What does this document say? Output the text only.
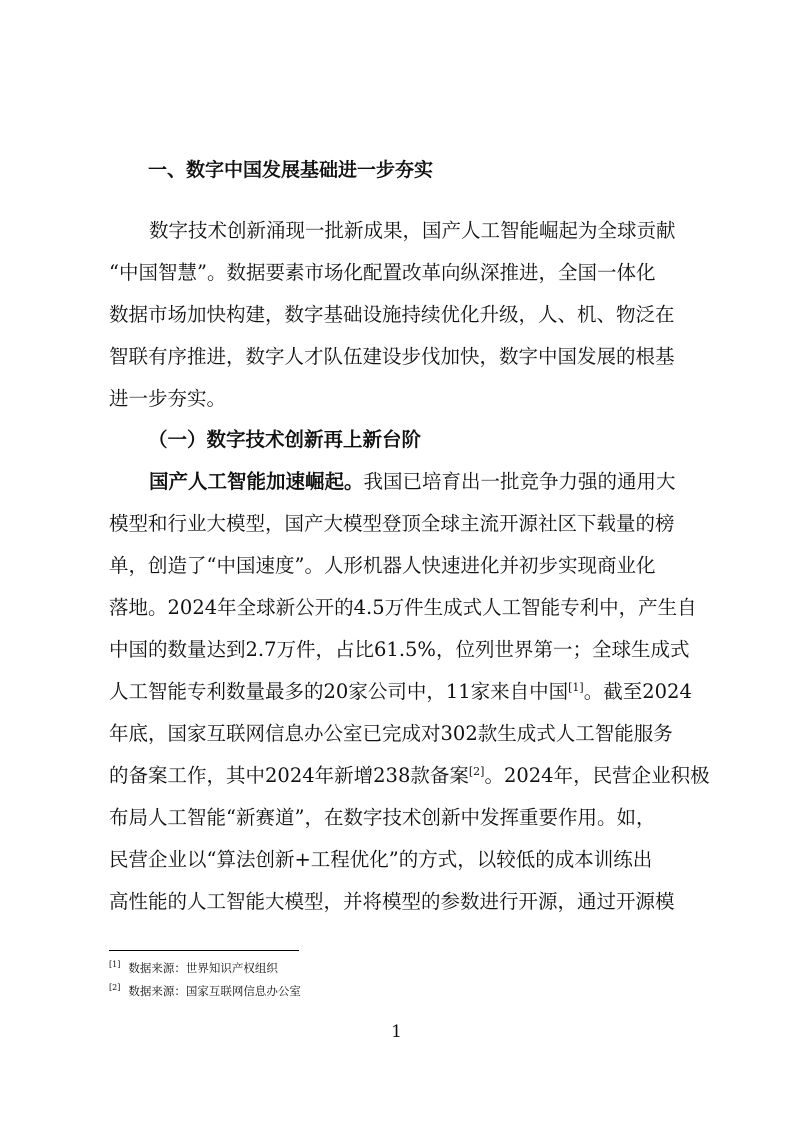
一、数字中国发展基础进一步夯实
数字技术创新涌现一批新成果，国产人工智能崛起为全球贡献
“中国智慧”。数据要素市场化配置改革向纵深推进，全国一体化
数据市场加快构建，数字基础设施持续优化升级，人、机、物泛在
智联有序推进，数字人才队伍建设步伐加快，数字中国发展的根基
进一步夯实。
（一）数字技术创新再上新台阶
国产人工智能加速崛起。我国已培育出一批竞争力强的通用大
模型和行业大模型，国产大模型登顶全球主流开源社区下载量的榜
单，创造了“中国速度”。人形机器人快速进化并初步实现商业化
落地。2024年全球新公开的4.5万件生成式人工智能专利中，产生自
中国的数量达到2.7万件，占比61.5%，位列世界第一；全球生成式
人工智能专利数量最多的20家公司中，11家来自中国[1]。截至2024
年底，国家互联网信息办公室已完成对302款生成式人工智能服务
的备案工作，其中2024年新增238款备案[2]。2024年，民营企业积极
布局人工智能“新赛道”，在数字技术创新中发挥重要作用。如，
民营企业以“算法创新+工程优化”的方式，以较低的成本训练出
高性能的人工智能大模型，并将模型的参数进行开源，通过开源模
[1] 数据来源：世界知识产权组织
[2] 数据来源：国家互联网信息办公室
1
